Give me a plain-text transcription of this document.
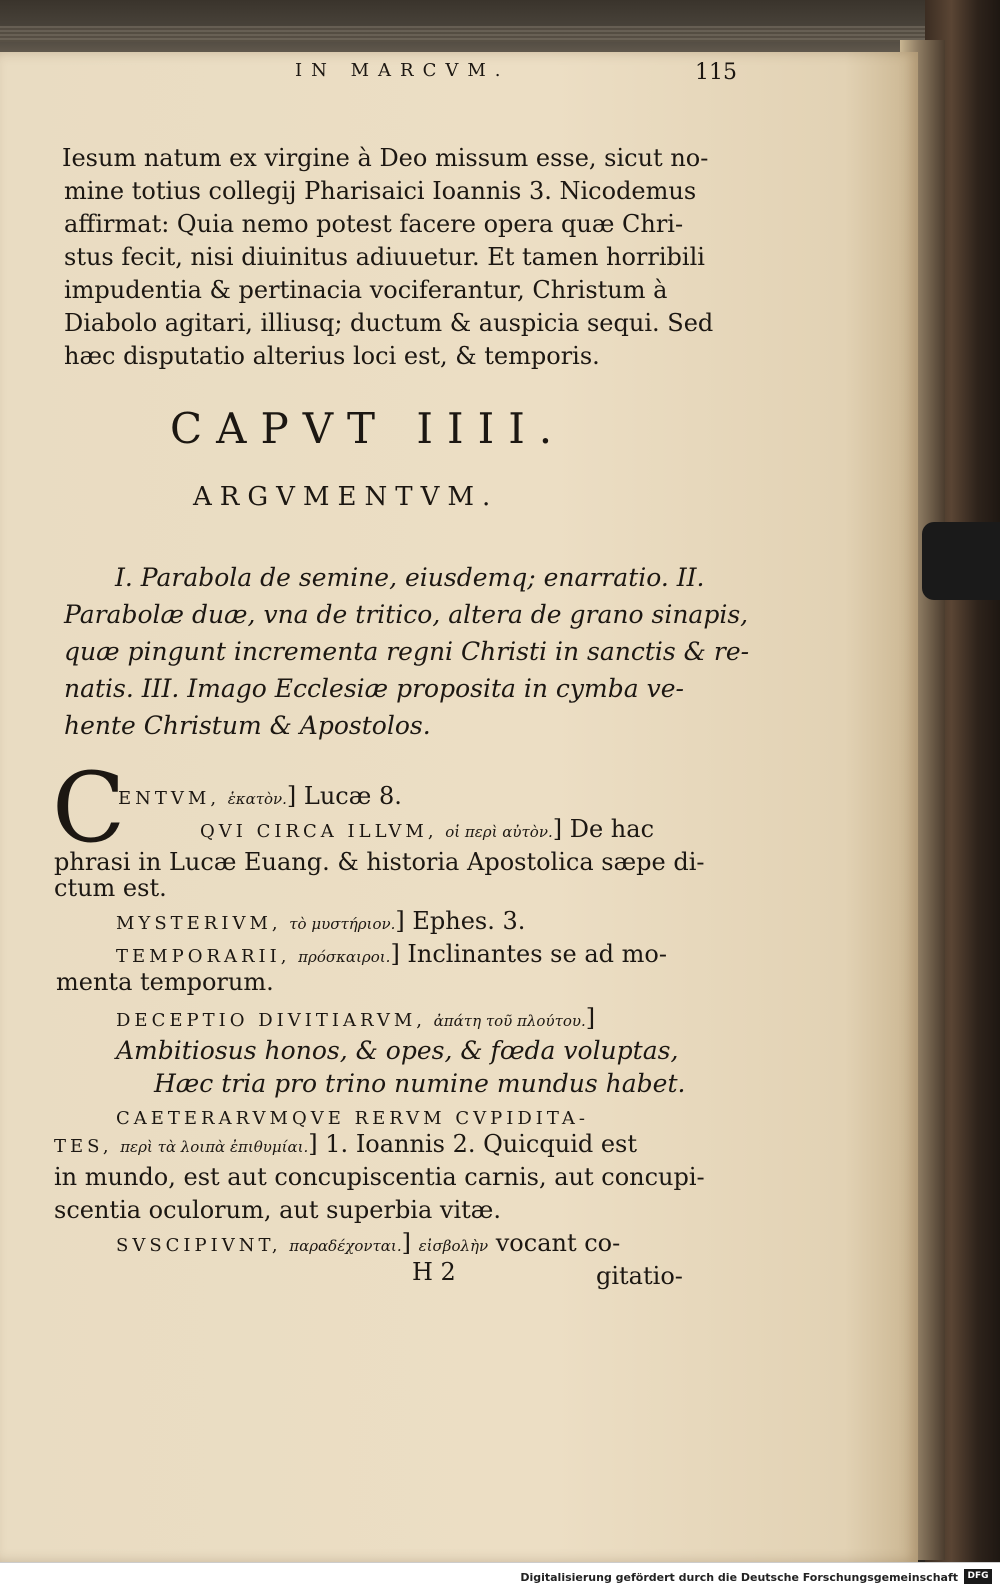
IN MARCVM.	115
Iesum natum ex virgine à Deo missum esse, sicut no-
mine totius collegij Pharisaici Ioannis 3. Nicodemus
affirmat: Quia nemo potest facere opera quæ Chri-
stus fecit, nisi diuinitus adiuuetur. Et tamen horribili
impudentia & pertinacia vociferantur, Christum à
Diabolo agitari, illiusq; ductum & auspicia sequi. Sed
hæc disputatio alterius loci est, & temporis.
CAPVT IIII.
ARGVMENTVM.
I. Parabola de semine, eiusdemq; enarratio. II.
Parabolæ duæ, vna de tritico, altera de grano sinapis,
quæ pingunt incrementa regni Christi in sanctis & re-
natis. III. Imago Ecclesiæ proposita in cymba ve-
hente Christum & Apostolos.
C
ENTVM, ἑκατὸν.] Lucæ 8.
QVI CIRCA ILLVM, οἱ περὶ αὐτὸν.] De hac
phrasi in Lucæ Euang. & historia Apostolica sæpe di-
ctum est.
MYSTERIVM, τὸ μυστήριον.] Ephes. 3.
TEMPORARII, πρόσκαιροι.] Inclinantes se ad mo-
menta temporum.
DECEPTIO DIVITIARVM, ἀπάτη τοῦ πλούτου.]
Ambitiosus honos, & opes, & fœda voluptas,
Hæc tria pro trino numine mundus habet.
CAETERARVMQVE RERVM CVPIDITA-
TES, περὶ τὰ λοιπὰ ἐπιθυμίαι.] 1. Ioannis 2. Quicquid est
in mundo, est aut concupiscentia carnis, aut concupi-
scentia oculorum, aut superbia vitæ.
SVSCIPIVNT, παραδέχονται.] εἰσβολὴν vocant co-
H 2	gitatio-
Digitalisierung gefördert durch die Deutsche Forschungsgemeinschaft	DFG
